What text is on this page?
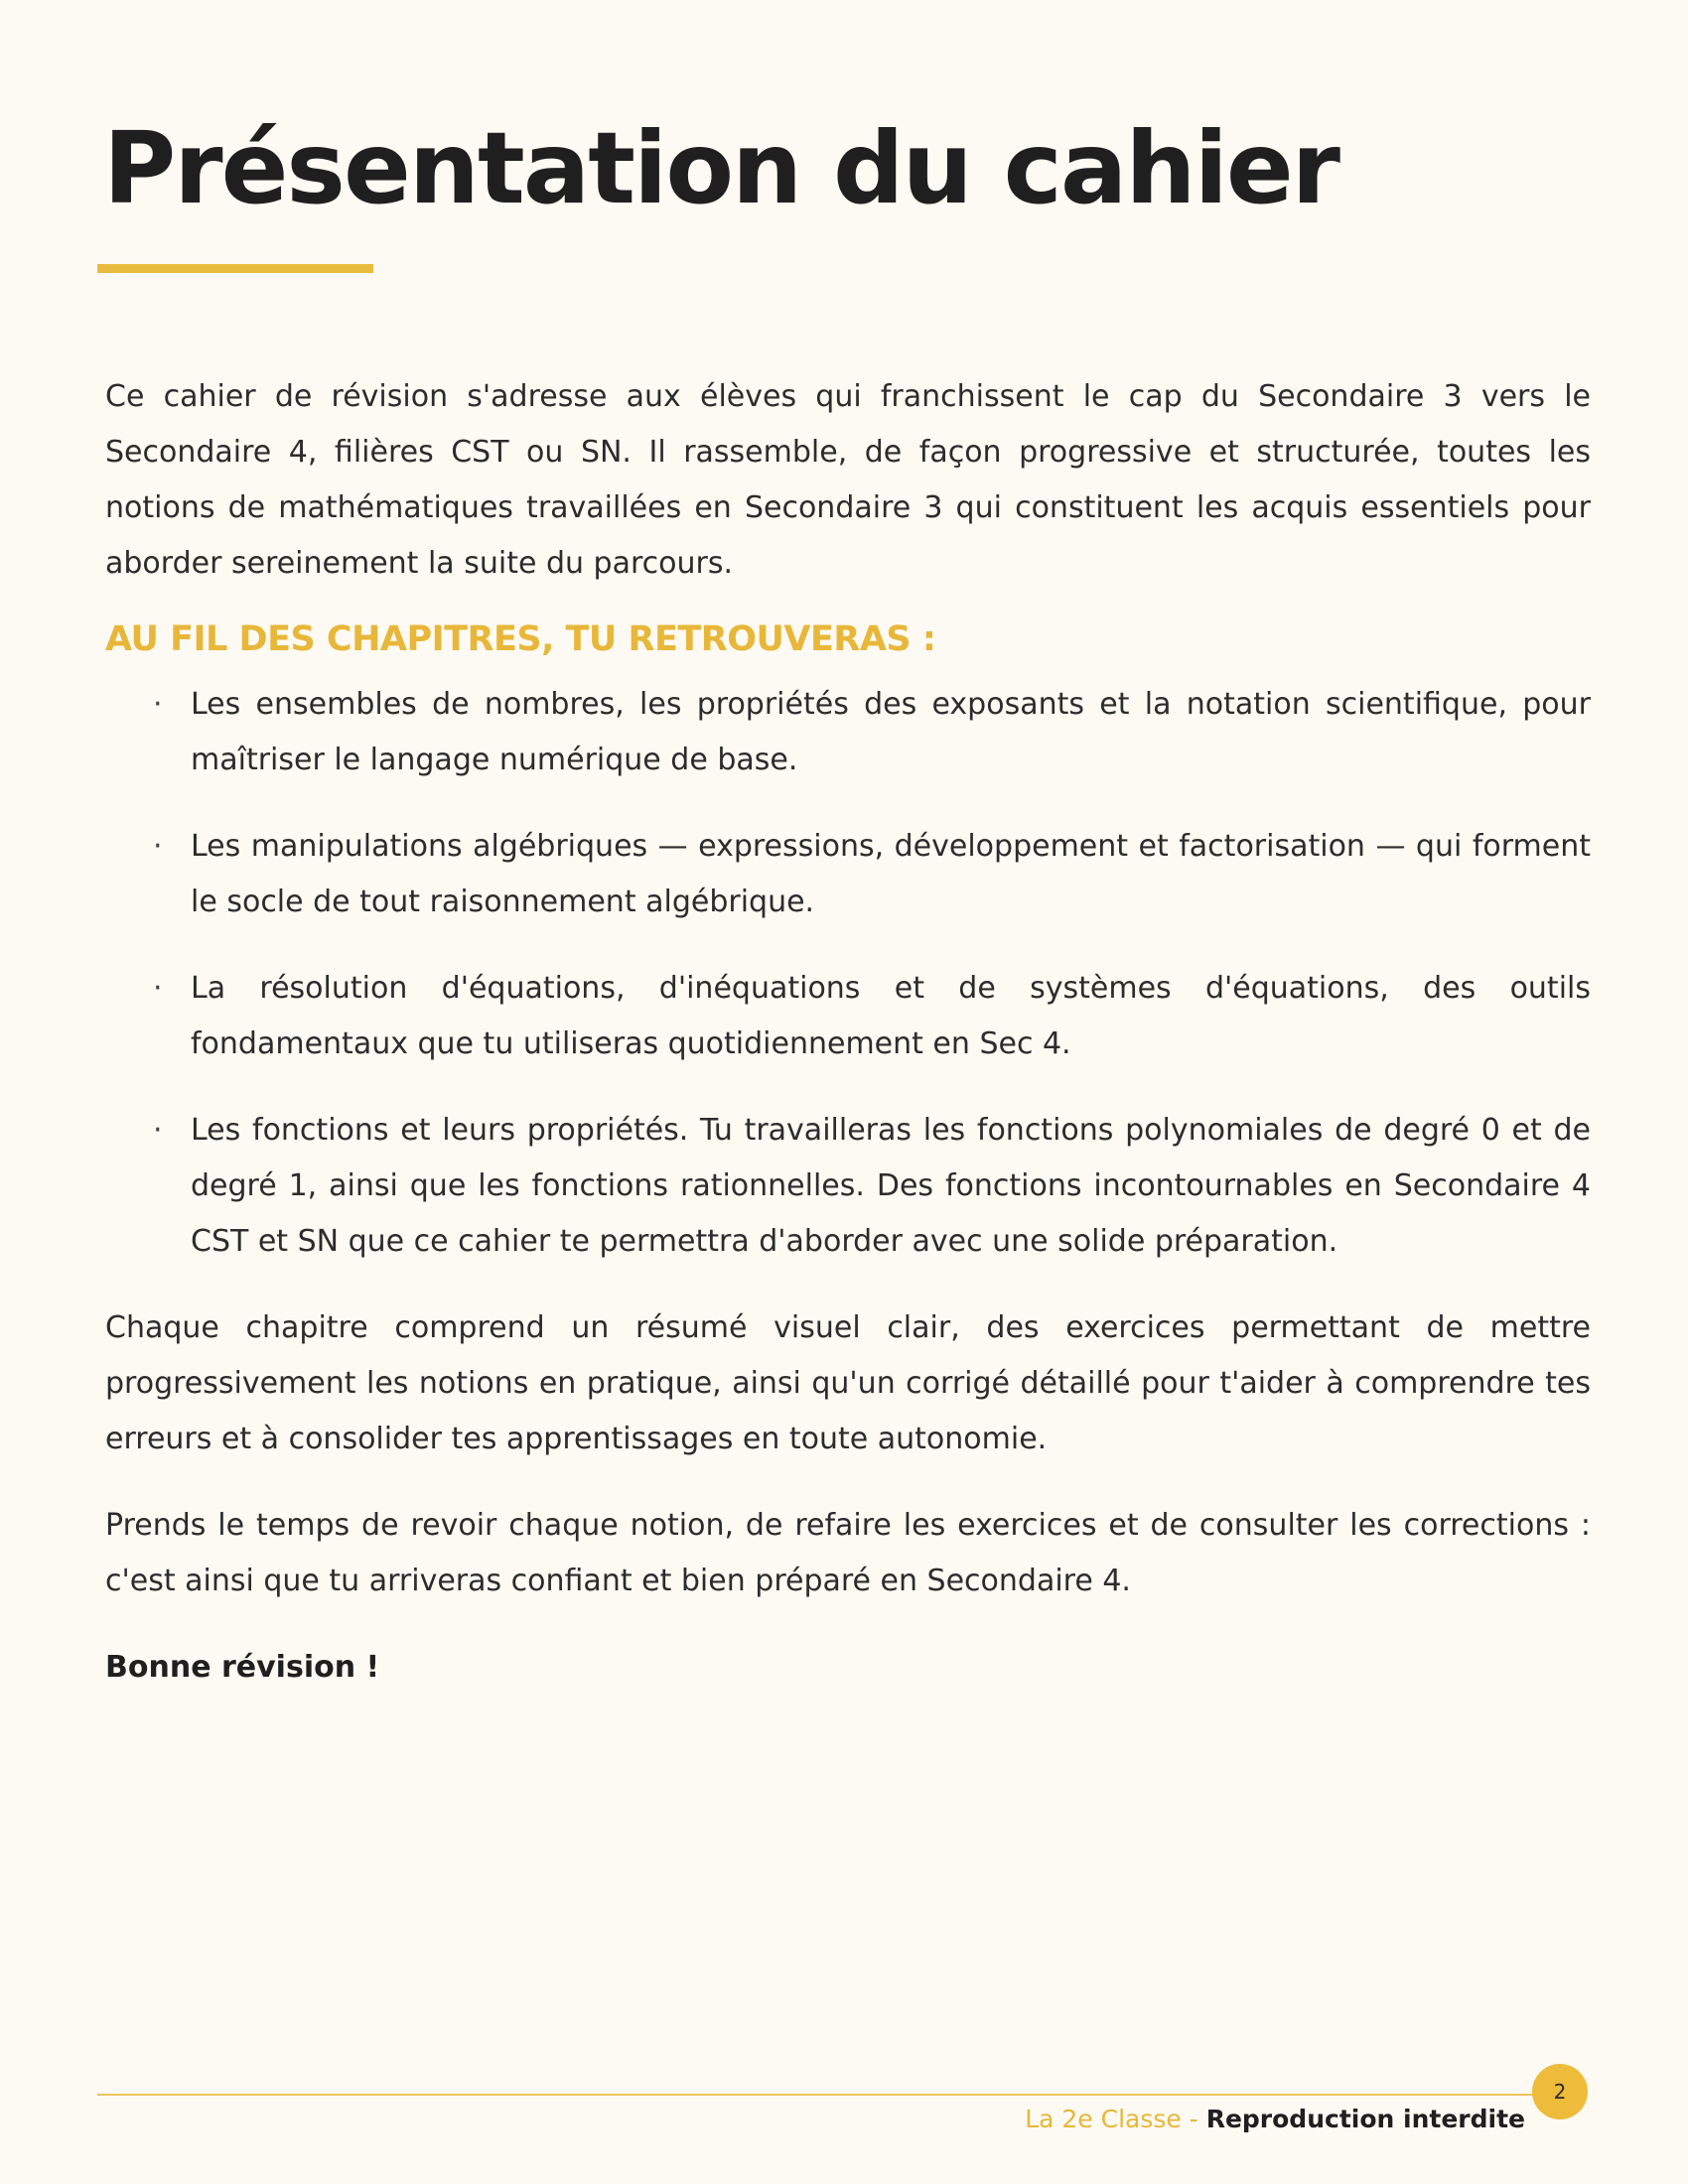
Présentation du cahier

Ce cahier de révision s'adresse aux élèves qui franchissent le cap du Secondaire 3 vers le Secondaire 4, filières CST ou SN. Il rassemble, de façon progressive et structurée, toutes les notions de mathématiques travaillées en Secondaire 3 qui constituent les acquis essentiels pour aborder sereinement la suite du parcours.

AU FIL DES CHAPITRES, TU RETROUVERAS :
· Les ensembles de nombres, les propriétés des exposants et la notation scientifique, pour maîtriser le langage numérique de base.
· Les manipulations algébriques — expressions, développement et factorisation — qui forment le socle de tout raisonnement algébrique.
· La résolution d'équations, d'inéquations et de systèmes d'équations, des outils fondamentaux que tu utiliseras quotidiennement en Sec 4.
· Les fonctions et leurs propriétés. Tu travailleras les fonctions polynomiales de degré 0 et de degré 1, ainsi que les fonctions rationnelles. Des fonctions incontournables en Secondaire 4 CST et SN que ce cahier te permettra d'aborder avec une solide préparation.

Chaque chapitre comprend un résumé visuel clair, des exercices permettant de mettre progressivement les notions en pratique, ainsi qu'un corrigé détaillé pour t'aider à comprendre tes erreurs et à consolider tes apprentissages en toute autonomie.

Prends le temps de revoir chaque notion, de refaire les exercices et de consulter les corrections : c'est ainsi que tu arriveras confiant et bien préparé en Secondaire 4.

Bonne révision !

La 2e Classe - Reproduction interdite
2
